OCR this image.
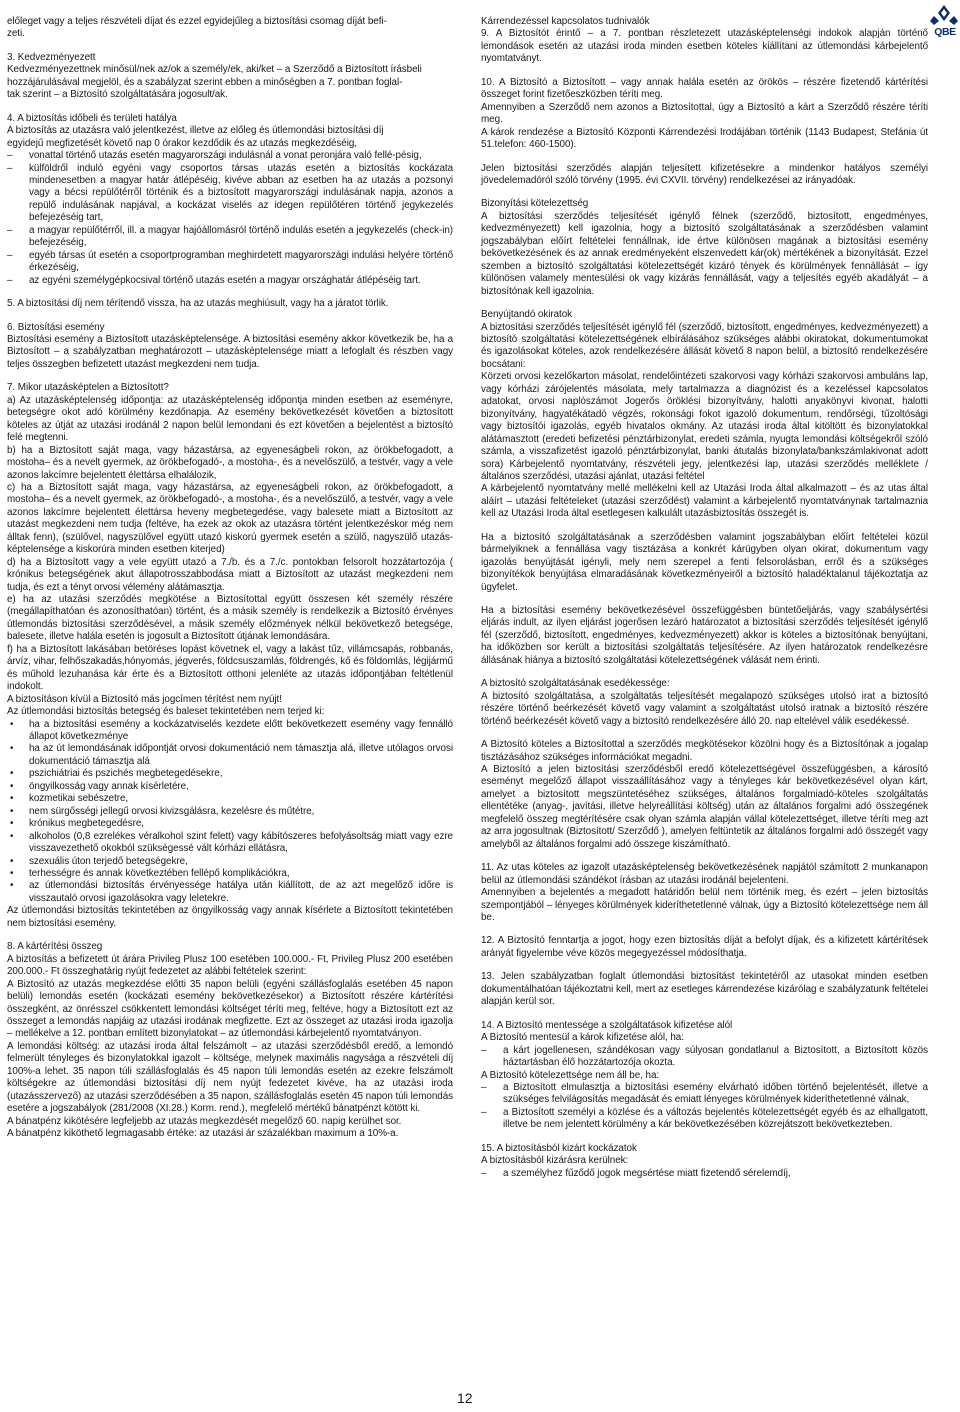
QBE

előleget vagy a teljes részvételi díjat és ezzel egyidejűleg a biztosítási csomag díját befi-

zeti.

3. Kedvezményezett

Kedvezményezettnek minősül/nek az/ok a személy/ek, aki/ket – a Szerződő a Biztosított írásbeli

hozzájárulásával megjelöl, és a szabályzat szerint ebben a minőségben a 7. pontban foglal-

tak szerint – a Biztosító szolgáltatására jogosult/ak.

4. A biztosítás időbeli és területi hatálya

A biztosítás az utazásra való jelentkezést, illetve az előleg és útlemondási biztosítási díj

egyidejű megfizetését követő nap 0 órakor kezdődik és az utazás megkezdéséig,

– vonattal történő utazás esetén magyarországi indulásnál a vonat peronjára való fellé-pésig,
– külföldről induló egyéni vagy csoportos társas utazás esetén a biztosítás kockázata mindenesetben a magyar határ átlépéséig, kivéve abban az esetben ha az utazás a pozsonyi vagy a bécsi repülőtérről történik és a biztosított magyarországi indulásának napja, azonos a repülő indulásának napjával, a kockázat viselés az idegen repülőtéren történő jegykezelés befejezéséig tart,
– a magyar repülőtérről, ill. a magyar hajóállomásról történő indulás esetén a jegykezelés (check-in) befejezéséig,
– egyéb társas út esetén a csoportprogramban meghirdetett magyarországi indulási helyére történő érkezéséig,
– az egyéni személygépkocsival történő utazás esetén a magyar országhatár átlépéséig tart.

5. A biztosítási díj nem térítendő vissza, ha az utazás meghiúsult, vagy ha a járatot törlik.

6. Biztosítási esemény

Biztosítási esemény a Biztosított utazásképtelensége. A biztosítási esemény akkor következik be, ha a Biztosított – a szabályzatban meghatározott – utazásképtelensége miatt a lefoglalt és részben vagy teljes összegben befizetett utazást megkezdeni nem tudja.

7. Mikor utazásképtelen a Biztosított?

a) Az utazásképtelenség időpontja: az utazásképtelenség időpontja minden esetben az eseményre, betegségre okot adó körülmény kezdőnapja. Az esemény bekövetkezését követően a biztosított köteles az útját az utazási irodánál 2 napon belül lemondani és ezt követően a bejelentést a biztosító felé megtenni.

b) ha a Biztosított saját maga, vagy házastársa, az egyeneságbeli rokon, az örökbefogadott, a mostoha– és a nevelt gyermek, az örökbefogadó-, a mostoha-, és a nevelőszülő, a testvér, vagy a vele azonos lakcímre bejelentett élettársa elhalálozik,

c) ha a Biztosított saját maga, vagy házastársa, az egyeneságbeli rokon, az örökbefogadott, a mostoha– és a nevelt gyermek, az örökbefogadó-, a mostoha-, és a nevelőszülő, a testvér, vagy a vele azonos lakcímre bejelentett élettársa heveny megbetegedése, vagy balesete miatt a Biztosított az utazást megkezdeni nem tudja (feltéve, ha ezek az okok az utazásra történt jelentkezéskor még nem álltak fenn), (szülővel, nagyszülővel együtt utazó kiskorú gyermek esetén a szülő, nagyszülő utazás-képtelensége a kiskorúra minden esetben kiterjed)

d) ha a Biztosított vagy a vele együtt utazó a 7./b. és a 7./c. pontokban felsorolt hozzátartozója ( krónikus betegségének akut állapotrosszabbodása miatt a Biztosított az utazást megkezdeni nem tudja, és ezt a tényt orvosi vélemény alátámasztja.

e) ha az utazási szerződés megkötése a Biztosítottal együtt összesen két személy részére (megállapíthatóan és azonosíthatóan) történt, és a másik személy is rendelkezik a Biztosító érvényes útlemondás biztosítási szerződésével, a másik személy előzmények nélkül bekövetkező betegsége, balesete, illetve halála esetén is jogosult a Biztosított útjának lemondására.

f) ha a Biztosított lakásában betöréses lopást követnek el, vagy a lakást tűz, villámcsapás, robbanás, árvíz, vihar, felhőszakadás,hónyomás, jégverés, földcsuszamlás, földrengés, kő és földomlás, légijármű és műhold lezuhanása kár érte és a Biztosított otthoni jelenléte az utazás időpontjában feltétlenül indokolt.

A biztosításon kívül a Biztosító más jogcímen térítést nem nyújt!

Az útlemondási biztosítás betegség és baleset tekintetében nem terjed ki:

• ha a biztosítási esemény a kockázatviselés kezdete előtt bekövetkezett esemény vagy fennálló állapot következménye
• ha az út lemondásának időpontját orvosi dokumentáció nem támasztja alá, illetve utólagos orvosi dokumentáció támasztja alá
• pszichiátriai és pszichés megbetegedésekre,
• öngyilkosság vagy annak kísérletére,
• kozmetikai sebészetre,
• nem sürgősségi jellegű orvosi kivizsgálásra, kezelésre és műtétre,
• krónikus megbetegedésre,
• alkoholos (0,8 ezrelékes véralkohol szint felett) vagy kábítószeres befolyásoltság miatt vagy ezre visszavezethető okokból szükségessé vált kórházi ellátásra,
• szexuális úton terjedő betegségekre,
• terhességre és annak következtében fellépő komplikációkra,
• az útlemondási biztosítás érvényessége hatálya után kiállított, de az azt megelőző időre is visszautaló orvosi igazolásokra vagy leletekre.

Az útlemondási biztosítás tekintetében az öngyilkosság vagy annak kísérlete a Biztosított tekintetében nem biztosítási esemény.

8. A kártérítési összeg

A biztosítás a befizetett út árára Privileg Plusz 100 esetében 100.000.- Ft, Privileg Plusz 200 esetében 200.000.- Ft összeghatárig nyújt fedezetet az alábbi feltételek szerint:

A Biztosító az utazás megkezdése előtti 35 napon belüli (egyéni szállásfoglalás esetében 45 napon belüli) lemondás esetén (kockázati esemény bekövetkezésekor) a Biztosított részére kártérítési összegként, az önrésszel csökkentett lemondási költséget téríti meg, feltéve, hogy a Biztosított ezt az összeget a lemondás napjáig az utazási irodának megfizette. Ezt az összeget az utazási iroda igazolja – mellékelve a 12. pontban említett bizonylatokat – az útlemondási kárbejelentő nyomtatványon.

A lemondási költség: az utazási iroda által felszámolt – az utazási szerződésből eredő, a lemondó felmerült tényleges és bizonylatokkal igazolt – költsége, melynek maximális nagysága a részvételi díj 100%-a lehet. 35 napon túli szállásfoglalás és 45 napon túli lemondás esetén az ezekre felszámolt költségekre az útlemondási biztosítási díj nem nyújt fedezetet kivéve, ha az utazási iroda (utazásszervező) az utazási szerződésében a 35 napon, szállásfoglalás esetén 45 napon túli lemondás esetére a jogszabályok (281/2008 (XI.28.) Korm. rend.), megfelelő mértékű bánatpénzt kötött ki.

A bánatpénz kikötésére legfeljebb az utazás megkezdését megelőző 60. napig kerülhet sor.

A bánatpénz kiköthető legmagasabb értéke: az utazási ár százalékban maximum a 10%-a.

Kárrendezéssel kapcsolatos tudnivalók

9. A Biztosítót érintő – a 7. pontban részletezett utazásképtelenségi indokok alapján történő lemondások esetén az utazási iroda minden esetben köteles kiállítani az útlemondási kárbejelentő nyomtatványt.

10. A Biztosító a Biztosított – vagy annak halála esetén az örökös – részére fizetendő kártérítési összeget forint fizetőeszközben téríti meg.

Amennyiben a Szerződő nem azonos a Biztosítottal, úgy a Biztosító a kárt a Szerződő részére téríti meg.

A károk rendezése a Biztosító Központi Kárrendezési Irodájában történik (1143 Budapest, Stefánia út 51.telefon: 460-1500).

Jelen biztosítási szerződés alapján teljesített kifizetésekre a mindenkor hatályos személyi jövedelemadóról szóló törvény (1995. évi CXVII. törvény) rendelkezései az irányadóak.

Bizonyítási kötelezettség

A biztosítási szerződés teljesítését igénylő félnek (szerződő, biztosított, engedményes, kedvezményezett) kell igazolnia, hogy a biztosító szolgáltatásának a szerződésben valamint jogszabályban előírt feltételei fennállnak, ide értve különösen magának a biztosítási esemény bekövetkezésének és az annak eredményeként elszenvedett kár(ok) mértékének a bizonyítását. Ezzel szemben a biztosító szolgáltatási kötelezettségét kizáró tények és körülmények fennállását – így különösen valamely mentesülési ok vagy kizárás fennállását, vagy a teljesítés egyéb akadályát – a biztosítónak kell igazolnia.

Benyújtandó okiratok

A biztosítási szerződés teljesítését igénylő fél (szerződő, biztosított, engedményes, kedvezményezett) a biztosító szolgáltatási kötelezettségének elbírálásához szükséges alábbi okiratokat, dokumentumokat és igazolásokat köteles, azok rendelkezésére állását követő 8 napon belül, a biztosító rendelkezésére bocsátani:

Körzeti orvosi kezelőkarton másolat, rendelőintézeti szakorvosi vagy kórházi szakorvosi ambuláns lap, vagy kórházi zárójelentés másolata, mely tartalmazza a diagnózist és a kezeléssel kapcsolatos adatokat, orvosi naplószámot Jogerős öröklési bizonyítvány, halotti anyakönyvi kivonat, halotti bizonyítvány, hagyatékátadó végzés, rokonsági fokot igazoló dokumentum, rendőrségi, tűzoltósági vagy biztosítói igazolás, egyéb hivatalos okmány. Az utazási iroda által kitöltött és bizonylatokkal alátámasztott (eredeti befizetési pénztárbizonylat, eredeti számla, nyugta lemondási költségekről szóló számla, a visszafizetést igazoló pénztárbizonylat, banki átutalás bizonylata/bankszámlakivonat adott sora) Kárbejelentő nyomtatvány, részvételi jegy, jelentkezési lap, utazási szerződés melléklete / általános szerződési, utazási ajánlat, utazási feltétel

A kárbejelentő nyomtatvány mellé mellékelni kell az Utazási Iroda által alkalmazott – és az utas által aláírt – utazási feltételeket (utazási szerződést) valamint a kárbejelentő nyomtatványnak tartalmaznia kell az Utazási Iroda által esetlegesen kalkulált utazásbiztosítás összegét is.

Ha a biztosító szolgáltatásának a szerződésben valamint jogszabályban előírt feltételei közül bármelyiknek a fennállása vagy tisztázása a konkrét kárügyben olyan okirat, dokumentum vagy igazolás benyújtását igényli, mely nem szerepel a fenti felsorolásban, erről és a szükséges bizonyítékok benyújtása elmaradásának következményeiről a biztosító haladéktalanul tájékoztatja az ügyfelet.

Ha a biztosítási esemény bekövetkezésével összefüggésben büntetőeljárás, vagy szabálysértési eljárás indult, az ilyen eljárást jogerősen lezáró határozatot a biztosítási szerződés teljesítését igénylő fél (szerződő, biztosított, engedményes, kedvezményezett) akkor is köteles a biztosítónak benyújtani, ha időközben sor került a biztosítási szolgáltatás teljesítésére. Az ilyen határozatok rendelkezésre állásának hiánya a biztosító szolgáltatási kötelezettségének válását nem érinti.

A biztosító szolgáltatásának esedékessége:

A biztosító szolgáltatása, a szolgáltatás teljesítését megalapozó szükséges utolsó irat a biztosító részére történő beérkezését követő vagy valamint a szolgáltatást utolsó iratnak a biztosító részére történő beérkezését követő vagy a biztosító rendelkezésére álló 20. nap eltelével válik esedékessé.

A Biztosító köteles a Biztosítottal a szerződés megkötésekor közölni hogy és a Biztosítónak a jogalap tisztázásához szükséges információkat megadni.

A Biztosító a jelen biztosítási szerződésből eredő kötelezettségével összefüggésben, a károsító eseményt megelőző állapot visszaállításához vagy a tényleges kár bekövetkezésével olyan kárt, amelyet a biztosított megszüntetéséhez szükséges, általános forgalmiadó-köteles szolgáltatás ellentétéke (anyag-, javítási, illetve helyreállítási költség) után az általános forgalmi adó összegének megfelelő összeg megtérítésére csak olyan számla alapján vállal kötelezettséget, illetve téríti meg azt az arra jogosultnak (Biztosított/ Szerződő ), amelyen feltüntetik az általános forgalmi adó összegét vagy amelyből az általános forgalmi adó összege kiszámítható.

11. Az utas köteles az igazolt utazásképtelenség bekövetkezésének napjától számított 2 munkanapon belül az útlemondási szándékot írásban az utazási irodánál bejelenteni.

Amennyiben a bejelentés a megadott határidőn belül nem történik meg, és ezért – jelen biztosítás szempontjából – lényeges körülmények kideríthetetlenné válnak, úgy a Biztosító kötelezettsége nem áll be.

12. A Biztosító fenntartja a jogot, hogy ezen biztosítás díját a befolyt díjak, és a kifizetett kártérítések arányát figyelembe véve közös megegyezéssel módosíthatja.

13. Jelen szabályzatban foglalt útlemondási biztosítást tekintetéről az utasokat minden esetben dokumentálhatóan tájékoztatni kell, mert az esetleges kárrendezése kizárólag e szabályzatunk feltételei alapján kerül sor.

14. A Biztosító mentessége a szolgáltatások kifizetése alól

A Biztosító mentesül a károk kifizetése alól, ha:

– a kárt jogellenesen, szándékosan vagy súlyosan gondatlanul a Biztosított, a Biztosított közös háztartásban élő hozzátartozója okozta.

A Biztosító kötelezettsége nem áll be, ha:

– a Biztosított elmulasztja a biztosítási esemény elvárható időben történő bejelentését, illetve a szükséges felvilágosítás megadását és emiatt lényeges körülmények kideríthetetlenné válnak,
– a Biztosított személyi a közlése és a változás bejelentés kötelezettségét egyéb és az elhallgatott, illetve be nem jelentett körülmény a kár bekövetkezésében közrejátszott bekövetkezteben.

15. A biztosításból kizárt kockázatok

A biztosításból kizárásra kerülnek:

– a személyhez fűződő jogok megsértése miatt fizetendő sérelemdíj,
12
